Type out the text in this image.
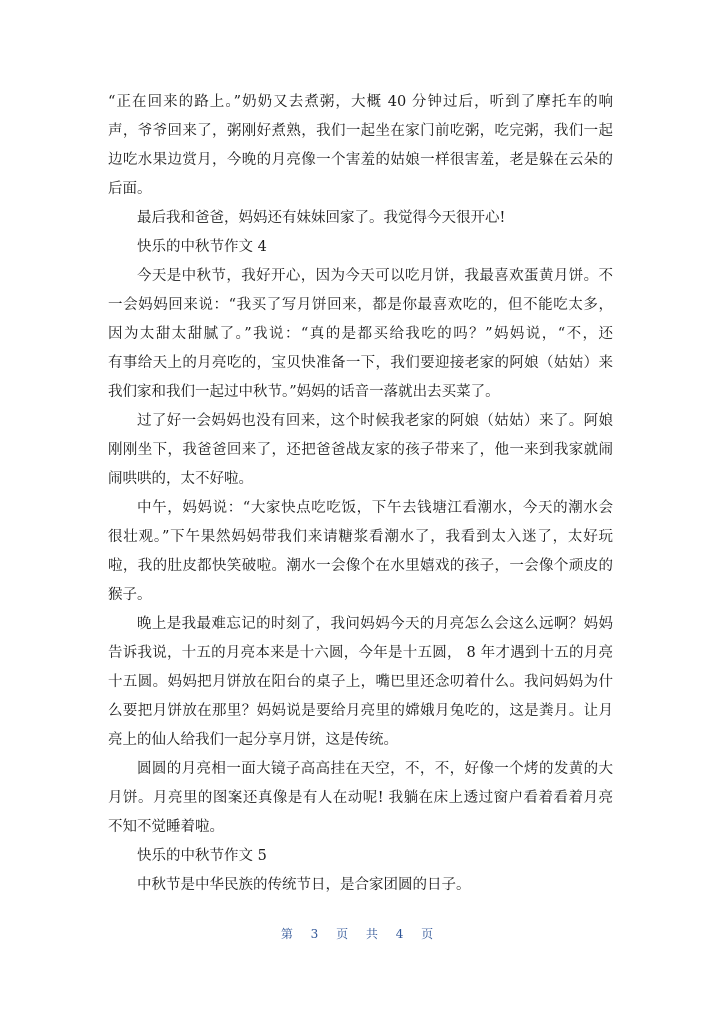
“正在回来的路上。”奶奶又去煮粥，大概 40 分钟过后，听到了摩托车的响
声，爷爷回来了，粥刚好煮熟，我们一起坐在家门前吃粥，吃完粥，我们一起
边吃水果边赏月，今晚的月亮像一个害羞的姑娘一样很害羞，老是躲在云朵的
后面。
最后我和爸爸，妈妈还有妹妹回家了。我觉得今天很开心!
快乐的中秋节作文 4
今天是中秋节，我好开心，因为今天可以吃月饼，我最喜欢蛋黄月饼。不
一会妈妈回来说：“我买了写月饼回来，都是你最喜欢吃的，但不能吃太多，
因为太甜太甜腻了。”我说：“真的是都买给我吃的吗？”妈妈说，“不，还
有事给天上的月亮吃的，宝贝快准备一下，我们要迎接老家的阿娘（姑姑）来
我们家和我们一起过中秋节。”妈妈的话音一落就出去买菜了。
过了好一会妈妈也没有回来，这个时候我老家的阿娘（姑姑）来了。阿娘
刚刚坐下，我爸爸回来了，还把爸爸战友家的孩子带来了，他一来到我家就闹
闹哄哄的，太不好啦。
中午，妈妈说：“大家快点吃吃饭，下午去钱塘江看潮水，今天的潮水会
很壮观。”下午果然妈妈带我们来请糖浆看潮水了，我看到太入迷了，太好玩
啦，我的肚皮都快笑破啦。潮水一会像个在水里嬉戏的孩子，一会像个顽皮的
猴子。
晚上是我最难忘记的时刻了，我问妈妈今天的月亮怎么会这么远啊？妈妈
告诉我说，十五的月亮本来是十六圆，今年是十五圆， 8 年才遇到十五的月亮
十五圆。妈妈把月饼放在阳台的桌子上，嘴巴里还念叨着什么。我问妈妈为什
么要把月饼放在那里？妈妈说是要给月亮里的嫦娥月兔吃的，这是粪月。让月
亮上的仙人给我们一起分享月饼，这是传统。
圆圆的月亮相一面大镜子高高挂在天空，不，不，好像一个烤的发黄的大
月饼。月亮里的图案还真像是有人在动呢! 我躺在床上透过窗户看着看着月亮
不知不觉睡着啦。
快乐的中秋节作文 5
中秋节是中华民族的传统节日，是合家团圆的日子。
第 3 页 共 4 页
